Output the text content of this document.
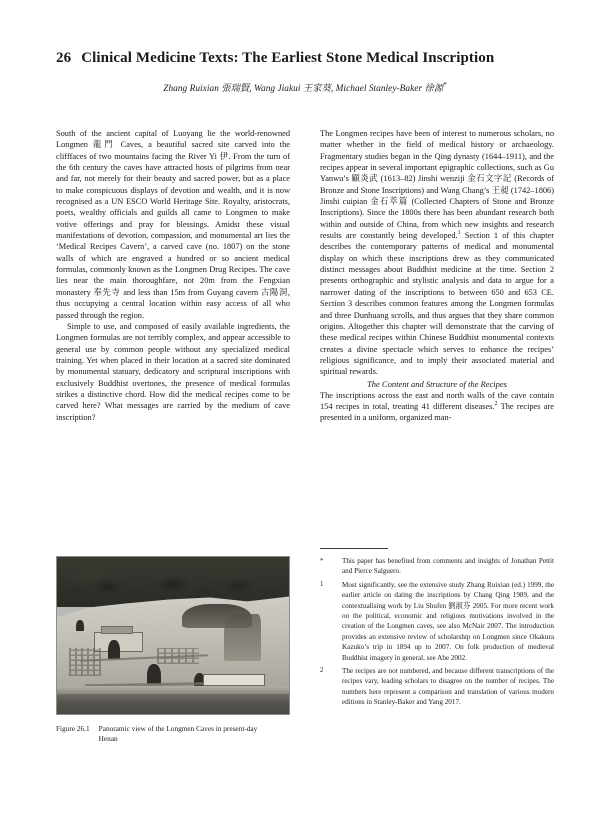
26 Clinical Medicine Texts: The Earliest Stone Medical Inscription
Zhang Ruixian 張瑞賢, Wang Jiakui 王家葵, Michael Stanley-Baker 徐源*

South of the ancient capital of Luoyang lie the world-renowned Longmen 龍門 Caves, a beautiful sacred site carved into the clifffaces of two mountains facing the River Yi 伊. From the turn of the 6th century the caves have attracted hosts of pilgrims from near and far, not merely for their beauty and sacred power, but as a place to make conspicuous displays of devotion and wealth, and it is now recognised as a UN ESCO World Heritage Site. Royalty, aristocrats, poets, wealthy officials and guilds all came to Longmen to make votive offerings and pray for blessings. Amidst these visual manifestations of devotion, compassion, and monumental art lies the ‘Medical Recipes Cavern’, a carved cave (no. 1807) on the stone walls of which are engraved a hundred or so ancient medical formulas, commonly known as the Longmen Drug Recipes. The cave lies near the main thoroughfare, not 20m from the Fengxian monastery 奉先寺 and less than 15m from Guyang cavern 古陽洞, thus occupying a central location within easy access of all who passed through the region.

Simple to use, and composed of easily available ingredients, the Longmen formulas are not terribly complex, and appear accessible to general use by common people without any specialized medical training. Yet when placed in their location at a sacred site dominated by monumental statuary, dedicatory and scriptural inscriptions with exclusively Buddhist overtones, the presence of medical formulas strikes a distinctive chord. How did the medical recipes come to be carved here? What messages are carried by the medium of cave inscription?

The Longmen recipes have been of interest to numerous scholars, no matter whether in the field of medical history or archaeology. Fragmentary studies began in the Qing dynasty (1644–1911), and the recipes appear in several important epigraphic collections, such as Gu Yanwu’s 顧炎武 (1613–82) Jinshi wenziji 金石文字記 (Records of Bronze and Stone Inscriptions) and Wang Chang’s 王昶 (1742–1806) Jinshi cuipian 金石萃篇 (Collected Chapters of Stone and Bronze Inscriptions). Since the 1800s there has been abundant research both within and outside of China, from which new insights and research results are constantly being developed.$^1$ Section 1 of this chapter describes the contemporary patterns of medical and monumental display on which these inscriptions drew as they communicated distinct messages about Buddhist medicine at the time. Section 2 presents orthographic and stylistic analysis and data to argue for a narrower dating of the inscriptions to between 650 and 653 CE. Section 3 describes common features among the Longmen formulas and three Dunhuang scrolls, and thus argues that they share common origins. Altogether this chapter will demonstrate that the carving of these medical recipes within Chinese Buddhist monumental contexts creates a divine spectacle which serves to enhance the recipes’ religious significance, and to imply their associated material and spiritual rewards.

The Content and Structure of the Recipes

The inscriptions across the east and north walls of the cave contain 154 recipes in total, treating 41 different diseases.$^2$ The recipes are presented in a uniform, organized man-

Figure 26.1 Panoramic view of the Longmen Caves in present-day Henan
*	This paper has benefited from comments and insights of Jonathan Pettit and Pierce Salguero.
1	Most significantly, see the extensive study Zhang Ruixian (ed.) 1999, the earlier article on dating the inscriptions by Chang Qing 1989, and the contextualising work by Liu Shufen 劉淑芬 2005. For more recent work on the political, economic and religious motivations involved in the creation of the Longmen caves, see also McNair 2007. The introduction provides an extensive review of scholarship on Longmen since Okakura Kazuko’s trip in 1894 up to 2007. On folk production of medieval Buddhist imagery in general, see Abe 2002.
2	The recipes are not numbered, and because different transcriptions of the recipes vary, leading scholars to disagree on the number of recipes. The numbers here represent a comparison and translation of various modern editions in Stanley-Baker and Yang 2017.
